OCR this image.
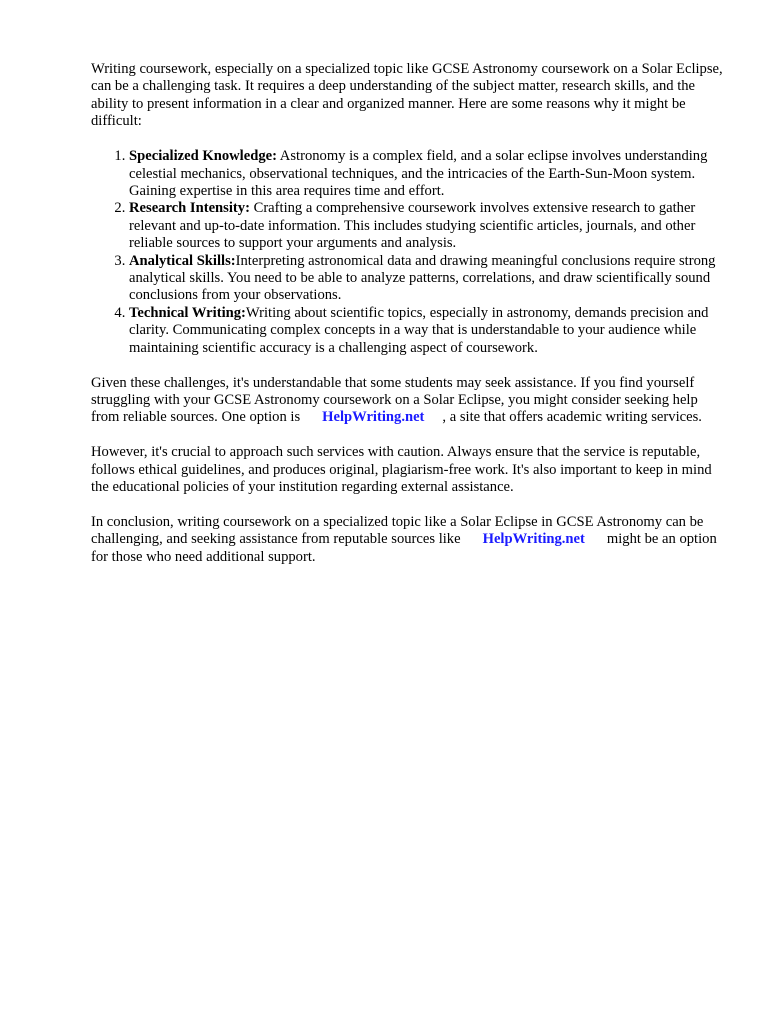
Writing coursework, especially on a specialized topic like GCSE Astronomy coursework on a Solar Eclipse, can be a challenging task. It requires a deep understanding of the subject matter, research skills, and the ability to present information in a clear and organized manner. Here are some reasons why it might be difficult:

1. Specialized Knowledge: Astronomy is a complex field, and a solar eclipse involves understanding celestial mechanics, observational techniques, and the intricacies of the Earth-Sun-Moon system. Gaining expertise in this area requires time and effort.
2. Research Intensity: Crafting a comprehensive coursework involves extensive research to gather relevant and up-to-date information. This includes studying scientific articles, journals, and other reliable sources to support your arguments and analysis.
3. Analytical Skills:Interpreting astronomical data and drawing meaningful conclusions require strong analytical skills. You need to be able to analyze patterns, correlations, and draw scientifically sound conclusions from your observations.
4. Technical Writing:Writing about scientific topics, especially in astronomy, demands precision and clarity. Communicating complex concepts in a way that is understandable to your audience while maintaining scientific accuracy is a challenging aspect of coursework.

Given these challenges, it's understandable that some students may seek assistance. If you find yourself struggling with your GCSE Astronomy coursework on a Solar Eclipse, you might consider seeking help from reliable sources. One option is HelpWriting.net , a site that offers academic writing services.

However, it's crucial to approach such services with caution. Always ensure that the service is reputable, follows ethical guidelines, and produces original, plagiarism-free work. It's also important to keep in mind the educational policies of your institution regarding external assistance.

In conclusion, writing coursework on a specialized topic like a Solar Eclipse in GCSE Astronomy can be challenging, and seeking assistance from reputable sources like HelpWriting.net might be an option for those who need additional support.
